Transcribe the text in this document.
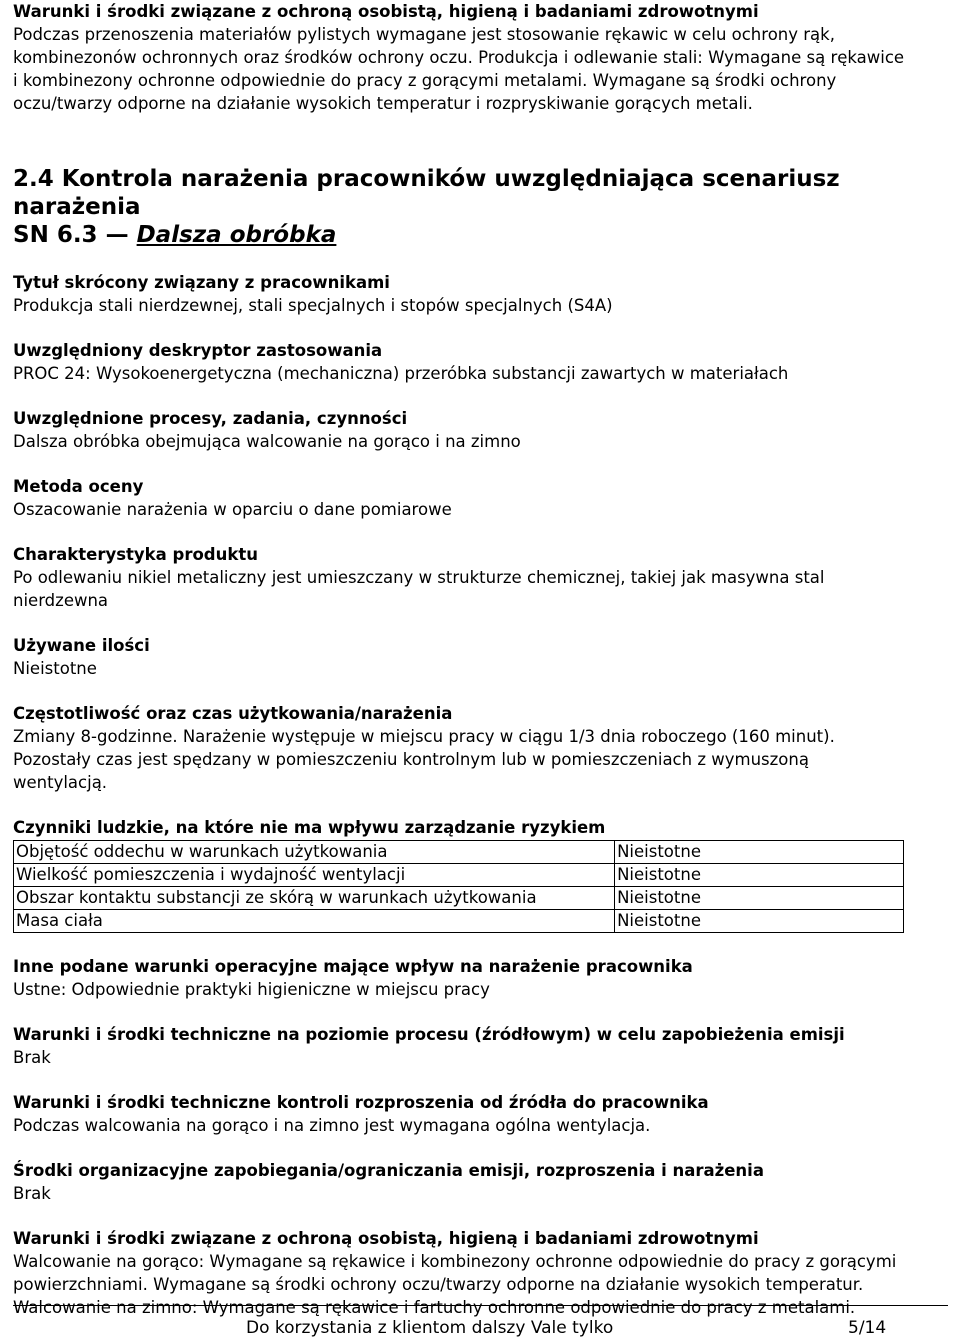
Warunki i środki związane z ochroną osobistą, higieną i badaniami zdrowotnymi

Podczas przenoszenia materiałów pylistych wymagane jest stosowanie rękawic w celu ochrony rąk,

kombinezonów ochronnych oraz środków ochrony oczu. Produkcja i odlewanie stali: Wymagane są rękawice

i kombinezony ochronne odpowiednie do pracy z gorącymi metalami. Wymagane są środki ochrony

oczu/twarzy odporne na działanie wysokich temperatur i rozpryskiwanie gorących metali.

2.4 Kontrola narażenia pracowników uwzględniająca scenariusz narażenia
SN 6.3 — Dalsza obróbka

Tytuł skrócony związany z pracownikami

Produkcja stali nierdzewnej, stali specjalnych i stopów specjalnych (S4A)

Uwzględniony deskryptor zastosowania

PROC 24: Wysokoenergetyczna (mechaniczna) przeróbka substancji zawartych w materiałach

Uwzględnione procesy, zadania, czynności

Dalsza obróbka obejmująca walcowanie na gorąco i na zimno

Metoda oceny

Oszacowanie narażenia w oparciu o dane pomiarowe

Charakterystyka produktu

Po odlewaniu nikiel metaliczny jest umieszczany w strukturze chemicznej, takiej jak masywna stal

nierdzewna

Używane ilości

Nieistotne

Częstotliwość oraz czas użytkowania/narażenia

Zmiany 8-godzinne. Narażenie występuje w miejscu pracy w ciągu 1/3 dnia roboczego (160 minut).

Pozostały czas jest spędzany w pomieszczeniu kontrolnym lub w pomieszczeniach z wymuszoną

wentylacją.

Czynniki ludzkie, na które nie ma wpływu zarządzanie ryzykiem

Objętość oddechu w warunkach użytkowania	Nieistotne
Wielkość pomieszczenia i wydajność wentylacji	Nieistotne
Obszar kontaktu substancji ze skórą w warunkach użytkowania	Nieistotne
Masa ciała	Nieistotne

Inne podane warunki operacyjne mające wpływ na narażenie pracownika

Ustne: Odpowiednie praktyki higieniczne w miejscu pracy

Warunki i środki techniczne na poziomie procesu (źródłowym) w celu zapobieżenia emisji

Brak

Warunki i środki techniczne kontroli rozproszenia od źródła do pracownika

Podczas walcowania na gorąco i na zimno jest wymagana ogólna wentylacja.

Środki organizacyjne zapobiegania/ograniczania emisji, rozproszenia i narażenia

Brak

Warunki i środki związane z ochroną osobistą, higieną i badaniami zdrowotnymi

Walcowanie na gorąco: Wymagane są rękawice i kombinezony ochronne odpowiednie do pracy z gorącymi

powierzchniami. Wymagane są środki ochrony oczu/twarzy odporne na działanie wysokich temperatur.

Walcowanie na zimno: Wymagane są rękawice i fartuchy ochronne odpowiednie do pracy z metalami.

Do korzystania z klientom dalszy Vale tylko	5/14
